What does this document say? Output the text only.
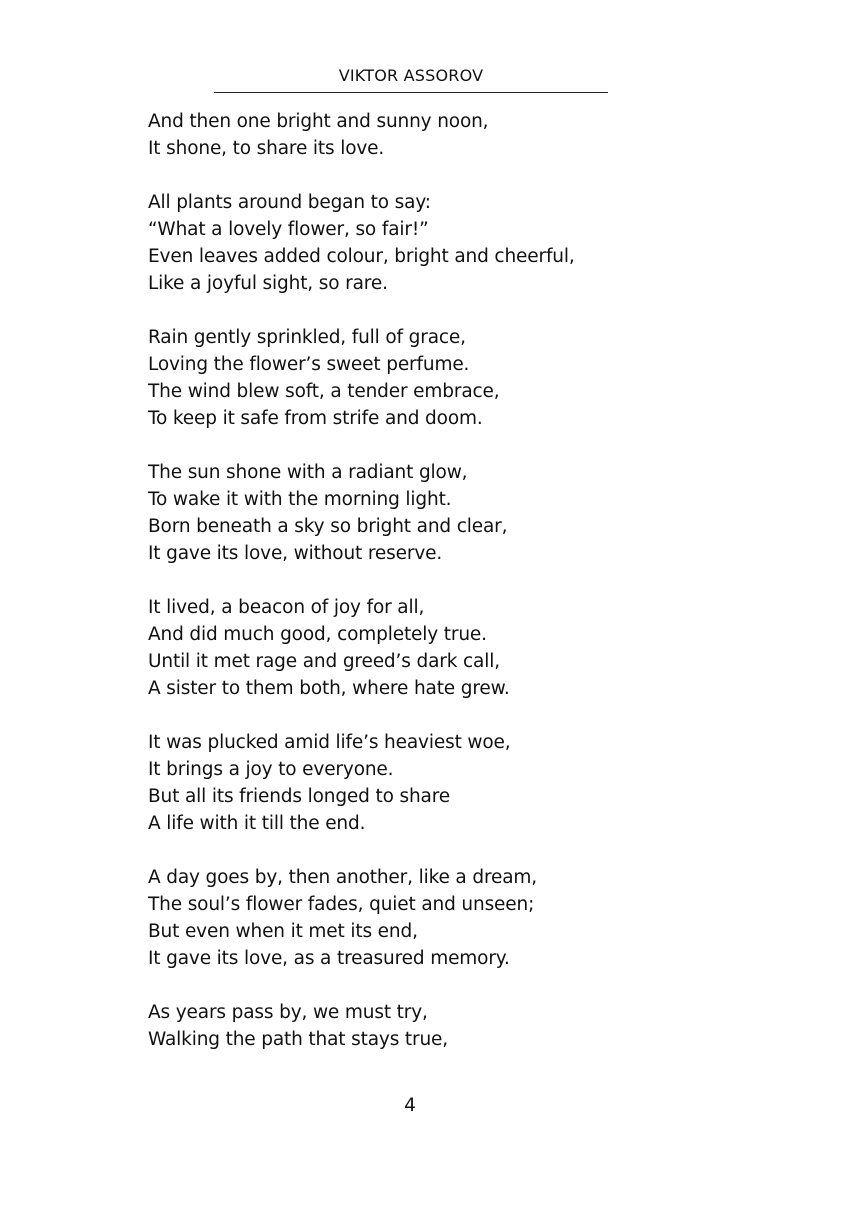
VIKTOR ASSOROV
And then one bright and sunny noon,
It shone, to share its love.
All plants around began to say:
“What a lovely flower, so fair!”
Even leaves added colour, bright and cheerful,
Like a joyful sight, so rare.
Rain gently sprinkled, full of grace,
Loving the flower’s sweet perfume.
The wind blew soft, a tender embrace,
To keep it safe from strife and doom.
The sun shone with a radiant glow,
To wake it with the morning light.
Born beneath a sky so bright and clear,
It gave its love, without reserve.
It lived, a beacon of joy for all,
And did much good, completely true.
Until it met rage and greed’s dark call,
A sister to them both, where hate grew.
It was plucked amid life’s heaviest woe,
It brings a joy to everyone.
But all its friends longed to share
A life with it till the end.
A day goes by, then another, like a dream,
The soul’s flower fades, quiet and unseen;
But even when it met its end,
It gave its love, as a treasured memory.
As years pass by, we must try,
Walking the path that stays true,
4
